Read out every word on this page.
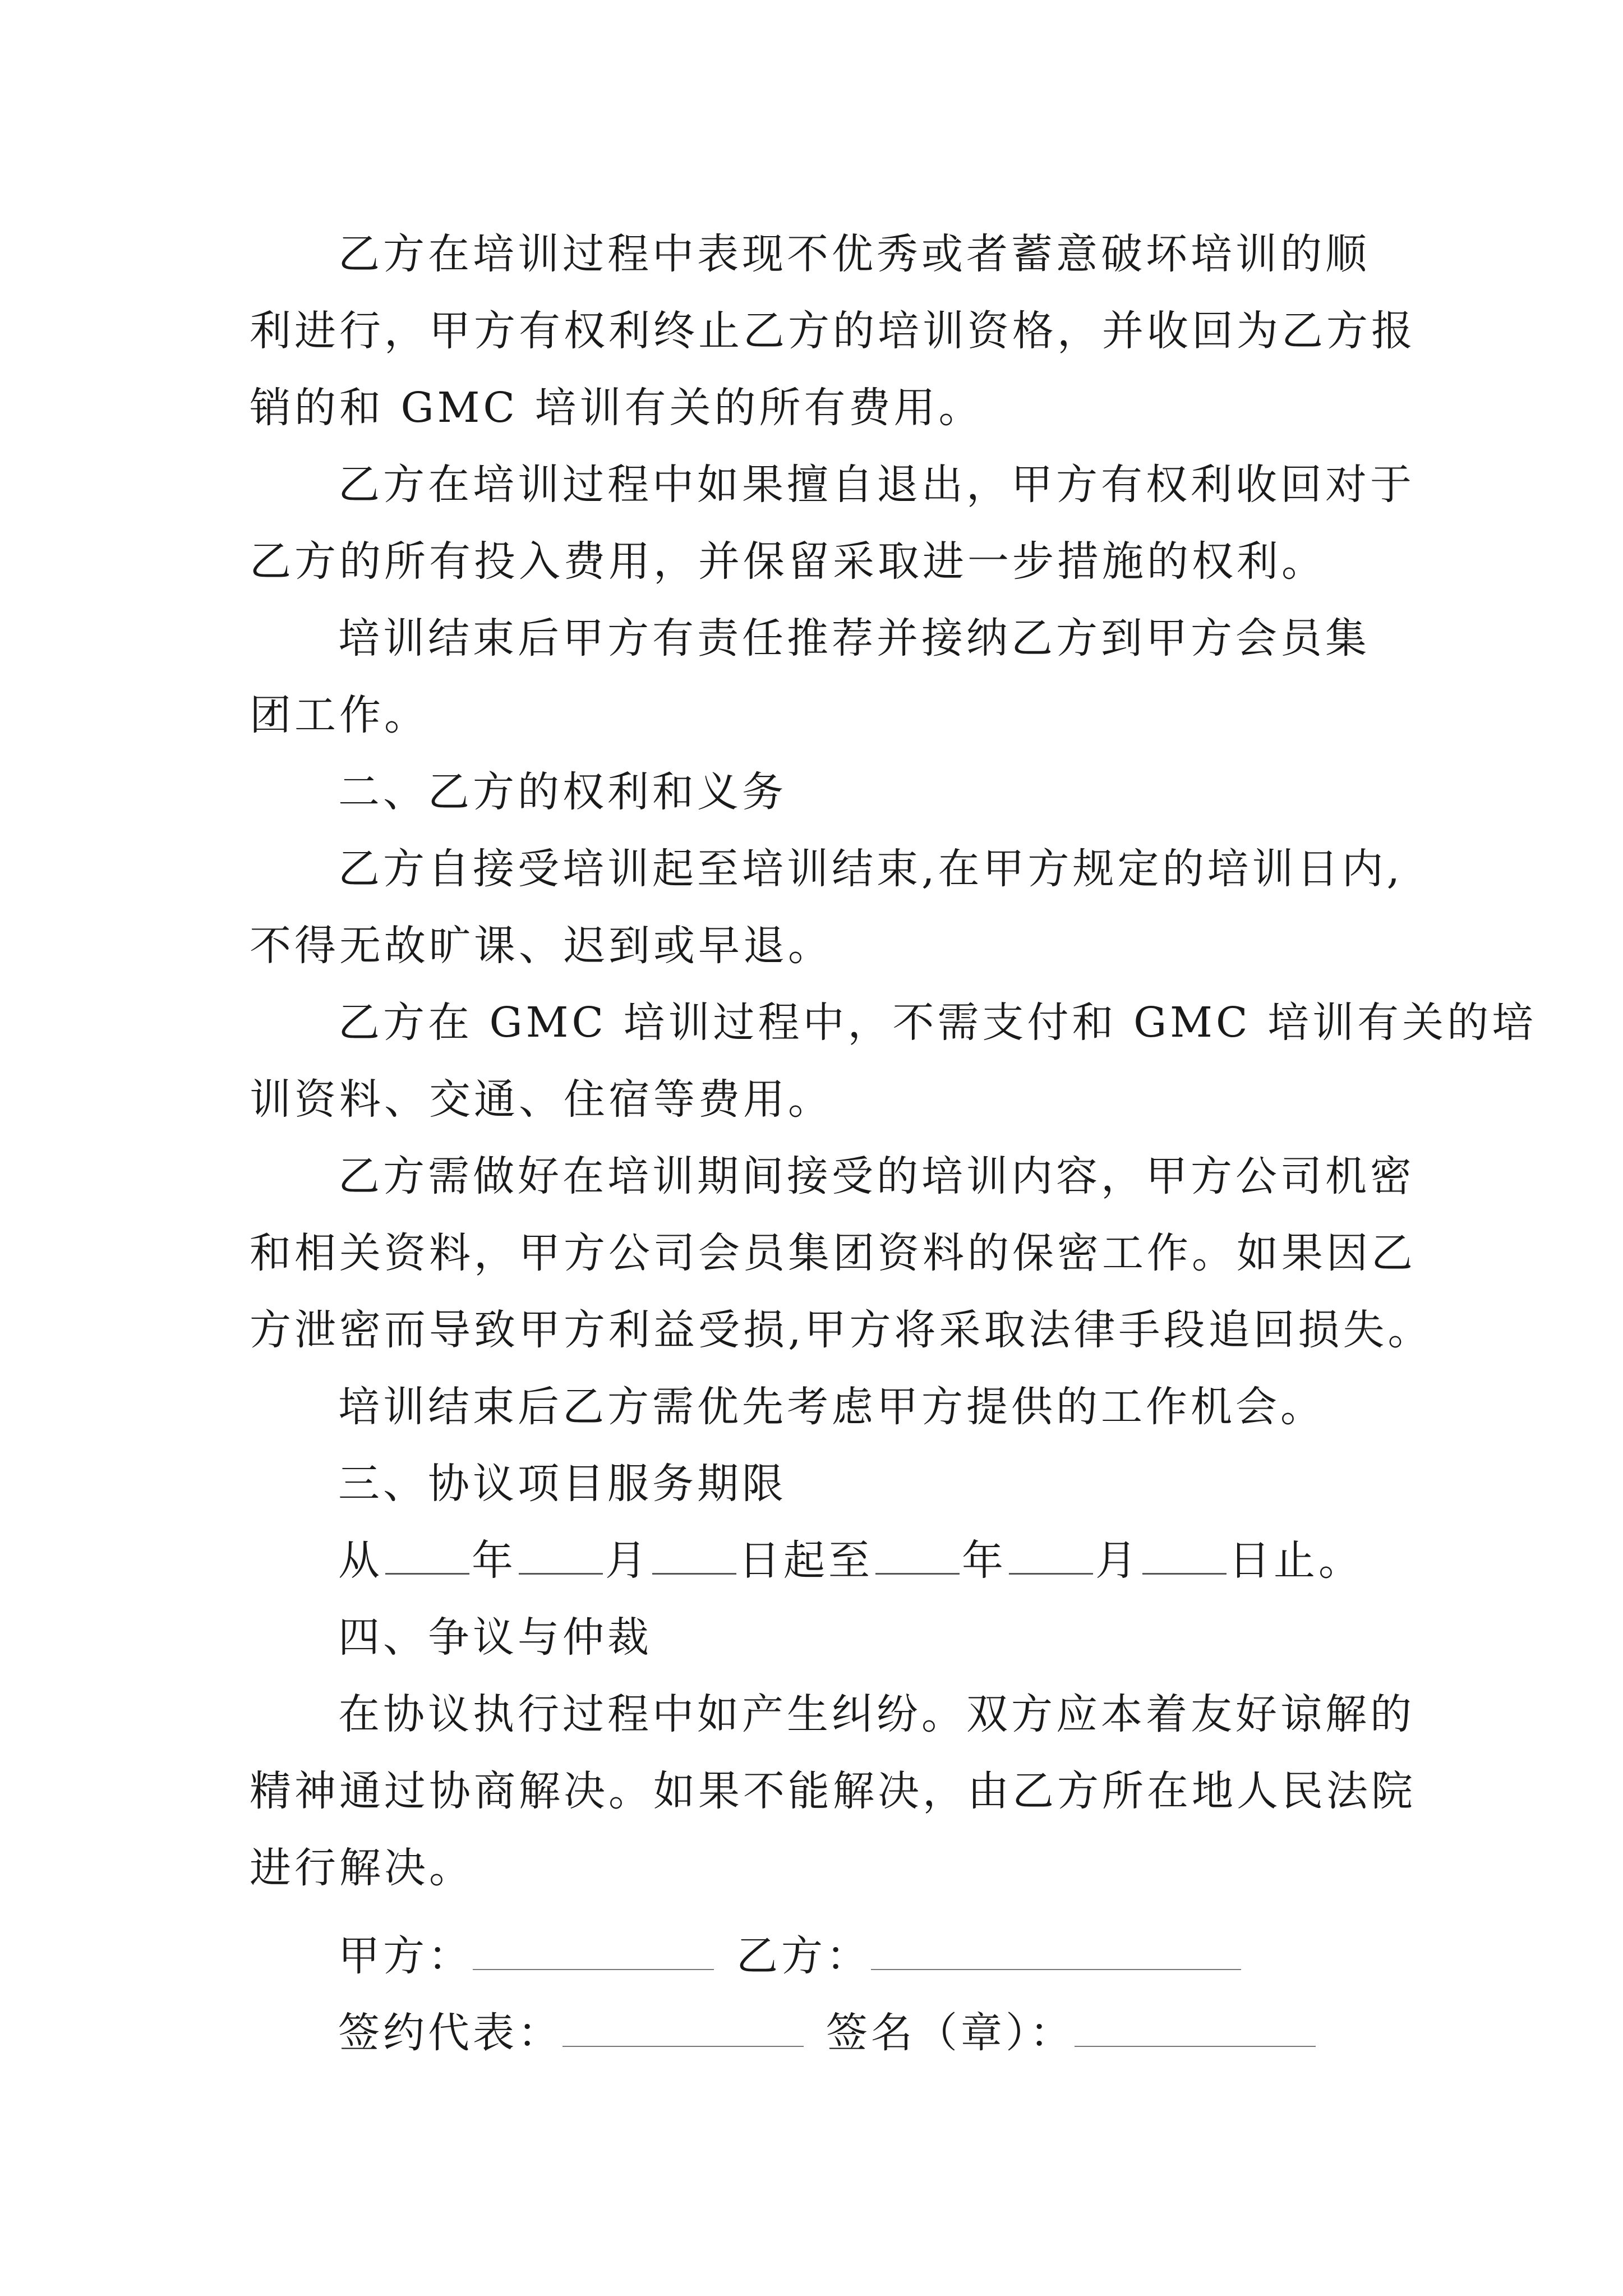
乙方在培训过程中表现不优秀或者蓄意破坏培训的顺
利进行，甲方有权利终止乙方的培训资格，并收回为乙方报
销的和 GMC 培训有关的所有费用。

乙方在培训过程中如果擅自退出，甲方有权利收回对于
乙方的所有投入费用，并保留采取进一步措施的权利。

培训结束后甲方有责任推荐并接纳乙方到甲方会员集
团工作。

二、乙方的权利和义务

乙方自接受培训起至培训结束,在甲方规定的培训日内,
不得无故旷课、迟到或早退。

乙方在 GMC 培训过程中，不需支付和 GMC 培训有关的培
训资料、交通、住宿等费用。

乙方需做好在培训期间接受的培训内容，甲方公司机密
和相关资料，甲方公司会员集团资料的保密工作。如果因乙
方泄密而导致甲方利益受损,甲方将采取法律手段追回损失。

培训结束后乙方需优先考虑甲方提供的工作机会。

三、协议项目服务期限

从 年 月 日起至 年 月 日止。

四、争议与仲裁

在协议执行过程中如产生纠纷。双方应本着友好谅解的
精神通过协商解决。如果不能解决，由乙方所在地人民法院
进行解决。

甲方：	乙方：
签约代表：	签名（章）：
